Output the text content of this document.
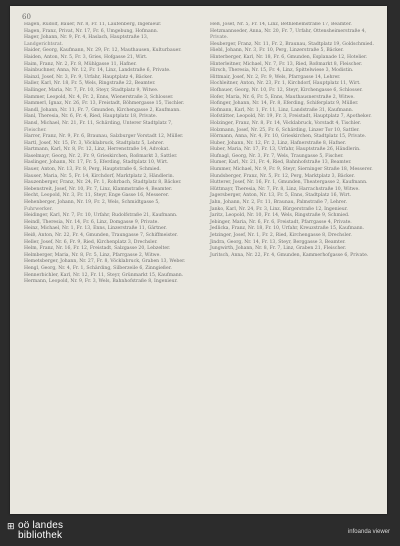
60

Hagen, Rudolf, Bauer, Nr. 8, Fr. 11, Laufenberg, Ingenieur.

Hagen, Franz, Privat, Nr. 17, Fr. 6, Umgebung, Hofmann.

Hager, Johann, Nr. 9, Fr. 4, Haslach, Hauptstraße 13, Landgerichtsrat.

Haider, Georg, Kaufmann, Nr. 29, Fr. 12, Mauthausen, Kulturbauer.

Haiden, Anton, Nr. 5, Fr. 3, Gries, Hofgasse 21, Wirt.

Haim, Franz, Nr. 2, Fr. 8, Mühlgasse 11, Hafner.

Hainbuchner, Anna, Nr. 12, Fr. 14, Linz, Landstraße 6, Private.

Hainzl, Josef, Nr. 3, Fr. 9, Urfahr, Hauptplatz 4, Bäcker.

Haller, Karl, Nr. 18, Fr. 5, Wels, Ringstraße 22, Beamter.

Hallinger, Maria, Nr. 7, Fr. 10, Steyr, Stadtplatz 9, Witwe.

Hammer, Leopold, Nr. 4, Fr. 2, Enns, Wienerstraße 3, Schlosser.

Hammerl, Ignaz, Nr. 26, Fr. 13, Freistadt, Böhmergasse 15, Tischler.

Handl, Johann, Nr. 11, Fr. 7, Gmunden, Kirchengasse 2, Kaufmann.

Hanl, Theresia, Nr. 6, Fr. 4, Ried, Hauptplatz 18, Private.

Hansl, Michael, Nr. 21, Fr. 11, Schärding, Unterer Stadtplatz 7, Fleischer.

Harrer, Franz, Nr. 9, Fr. 6, Braunau, Salzburger Vorstadt 12, Müller.

Hartl, Josef, Nr. 15, Fr. 3, Vöcklabruck, Stadtplatz 5, Lehrer.

Hartmann, Karl, Nr. 8, Fr. 12, Linz, Herrenstraße 14, Advokat.

Haselmayr, Georg, Nr. 2, Fr. 9, Grieskirchen, Roßmarkt 3, Sattler.

Haslinger, Johann, Nr. 17, Fr. 5, Eferding, Stadtplatz 10, Wirt.

Hauer, Anton, Nr. 13, Fr. 8, Perg, Hauptstraße 6, Schmied.

Hauser, Maria, Nr. 5, Fr. 14, Kirchdorf, Marktplatz 2, Händlerin.

Hauzenberger, Franz, Nr. 24, Fr. 1, Rohrbach, Stadtplatz 8, Bäcker.

Hebenstreit, Josef, Nr. 10, Fr. 7, Linz, Klammstraße 4, Beamter.

Hecht, Leopold, Nr. 3, Fr. 11, Steyr, Enge Gasse 16, Messerer.

Hehenberger, Johann, Nr. 19, Fr. 2, Wels, Schmidtgasse 5, Fuhrwerker.

Heidinger, Karl, Nr. 7, Fr. 10, Urfahr, Rudolfstraße 21, Kaufmann.

Heindl, Theresia, Nr. 14, Fr. 6, Linz, Domgasse 9, Private.

Heinz, Michael, Nr. 1, Fr. 13, Enns, Linzerstraße 11, Gärtner.

Heiß, Anton, Nr. 22, Fr. 4, Gmunden, Traungasse 7, Schiffmeister.

Heller, Josef, Nr. 6, Fr. 9, Ried, Kirchenplatz 3, Drechsler.

Helm, Franz, Nr. 16, Fr. 12, Freistadt, Salzgasse 20, Lebzelter.

Helmberger, Maria, Nr. 8, Fr. 5, Linz, Pfarrgasse 2, Witwe.

Hemetsberger, Johann, Nr. 27, Fr. 8, Vöcklabruck, Graben 13, Weber.

Hengl, Georg, Nr. 4, Fr. 1, Schärding, Silberzeile 6, Zinngießer.

Hennerbichler, Karl, Nr. 12, Fr. 11, Steyr, Grünmarkt 15, Kaufmann.

Hermann, Leopold, Nr. 9, Fr. 3, Wels, Bahnhofstraße 8, Ingenieur.

Heß, Josef, Nr. 5, Fr. 14, Linz, Bethlehemstraße 17, Beamter.

Hetzmannseder, Anna, Nr. 20, Fr. 7, Urfahr, Ottensheimerstraße 4, Private.

Heuberger, Franz, Nr. 11, Fr. 2, Braunau, Stadtplatz 19, Goldschmied.

Hiebl, Johann, Nr. 3, Fr. 10, Perg, Linzerstraße 5, Bäcker.

Hinterberger, Karl, Nr. 18, Fr. 6, Gmunden, Esplanade 12, Hotelier.

Hinterleitner, Michael, Nr. 7, Fr. 13, Ried, Roßmarkt 8, Fleischer.

Hirsch, Theresia, Nr. 15, Fr. 4, Linz, Spittelwiese 3, Modistin.

Hittmair, Josef, Nr. 2, Fr. 9, Wels, Pfarrgasse 14, Lehrer.

Hochleitner, Anton, Nr. 23, Fr. 1, Kirchdorf, Hauptplatz 11, Wirt.

Hofbauer, Georg, Nr. 10, Fr. 12, Steyr, Kirchengasse 6, Schlosser.

Hofer, Maria, Nr. 6, Fr. 5, Enns, Mauthausnerstraße 2, Witwe.

Hofinger, Johann, Nr. 14, Fr. 8, Eferding, Schiferplatz 9, Müller.

Hofmann, Karl, Nr. 1, Fr. 11, Linz, Landstraße 31, Kaufmann.

Hofstätter, Leopold, Nr. 19, Fr. 3, Freistadt, Hauptplatz 7, Apotheker.

Holzinger, Franz, Nr. 8, Fr. 14, Vöcklabruck, Vorstadt 4, Tischler.

Holzmann, Josef, Nr. 25, Fr. 6, Schärding, Linzer Tor 10, Sattler.

Hörmann, Anna, Nr. 4, Fr. 10, Grieskirchen, Stadtplatz 15, Private.

Huber, Johann, Nr. 12, Fr. 2, Linz, Hafnerstraße 8, Hafner.

Huber, Maria, Nr. 17, Fr. 13, Urfahr, Hauptstraße 26, Händlerin.

Hufnagl, Georg, Nr. 3, Fr. 7, Wels, Traungasse 5, Fischer.

Humer, Karl, Nr. 21, Fr. 4, Ried, Bahnhofstraße 13, Beamter.

Hummer, Michael, Nr. 9, Fr. 9, Steyr, Sierninger Straße 18, Messerer.

Hundsberger, Franz, Nr. 5, Fr. 12, Perg, Marktplatz 3, Bäcker.

Hutterer, Josef, Nr. 16, Fr. 1, Gmunden, Theatergasse 2, Kaufmann.

Hüttmayr, Theresia, Nr. 7, Fr. 8, Linz, Harrachstraße 10, Witwe.

Jagersberger, Anton, Nr. 13, Fr. 5, Enns, Stadtplatz 16, Wirt.

Jahn, Johann, Nr. 2, Fr. 11, Braunau, Palmstraße 7, Lehrer.

Janko, Karl, Nr. 24, Fr. 3, Linz, Bürgerstraße 12, Ingenieur.

Jaritz, Leopold, Nr. 10, Fr. 14, Wels, Ringstraße 9, Schmied.

Jebinger, Maria, Nr. 6, Fr. 6, Freistadt, Pfarrgasse 4, Private.

Jedlicka, Franz, Nr. 18, Fr. 10, Urfahr, Kreuzstraße 15, Kaufmann.

Jetzinger, Josef, Nr. 1, Fr. 2, Ried, Kirchengasse 8, Drechsler.

Jindra, Georg, Nr. 14, Fr. 13, Steyr, Berggasse 3, Beamter.

Jungwirth, Johann, Nr. 8, Fr. 7, Linz, Graben 21, Fleischer.

Juritsch, Anna, Nr. 22, Fr. 4, Gmunden, Kammerhofgasse 6, Private.

⊞ oö landes
bibliothek	infoanda viewer
